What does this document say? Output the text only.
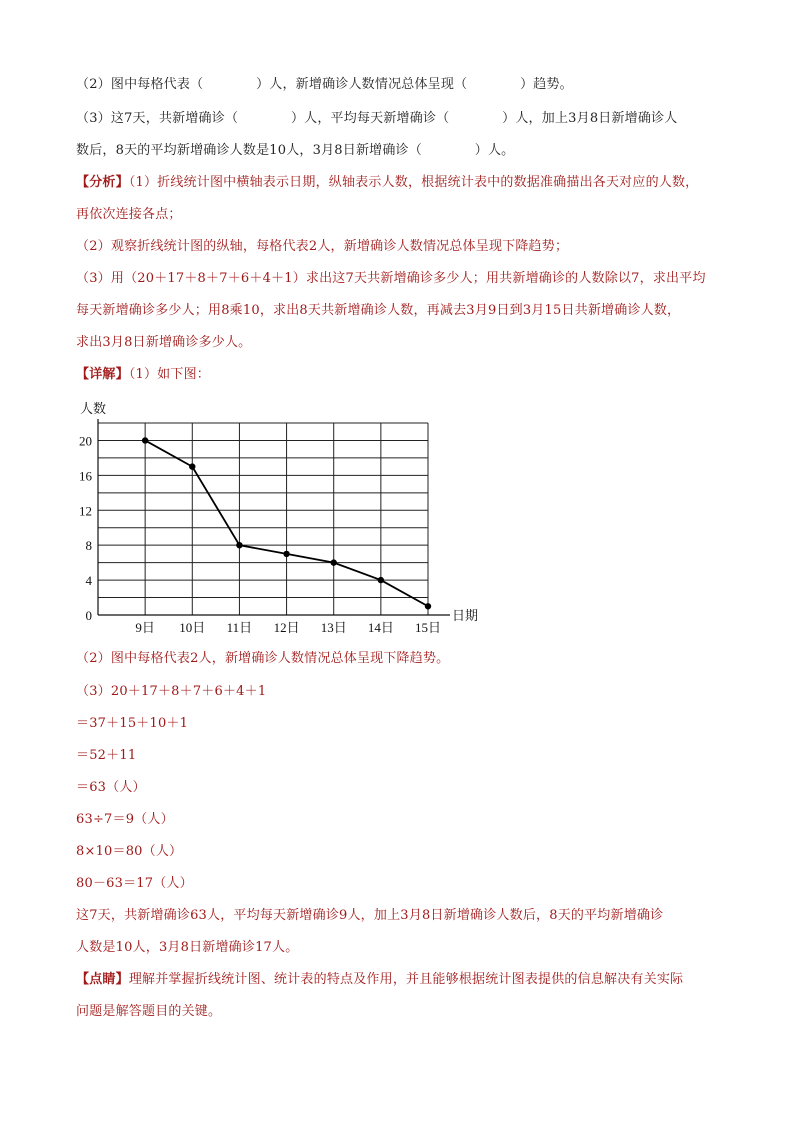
（2）图中每格代表（　　　　）人，新增确诊人数情况总体呈现（　　　　）趋势。
（3）这7天，共新增确诊（　　　　）人，平均每天新增确诊（　　　　）人，加上3月8日新增确诊人
数后，8天的平均新增确诊人数是10人，3月8日新增确诊（　　　　）人。
【分析】（1）折线统计图中横轴表示日期，纵轴表示人数，根据统计表中的数据准确描出各天对应的人数，
再依次连接各点；
（2）观察折线统计图的纵轴，每格代表2人，新增确诊人数情况总体呈现下降趋势；
（3）用（20＋17＋8＋7＋6＋4＋1）求出这7天共新增确诊多少人；用共新增确诊的人数除以7，求出平均
每天新增确诊多少人；用8乘10，求出8天共新增确诊人数，再减去3月9日到3月15日共新增确诊人数，
求出3月8日新增确诊多少人。
【详解】（1）如下图：
0
4
8
12
16
20
人数
日期
9日 10日 11日 12日 13日 14日 15日
（2）图中每格代表2人，新增确诊人数情况总体呈现下降趋势。
（3）20＋17＋8＋7＋6＋4＋1
＝37＋15＋10＋1
＝52＋11
＝63（人）
63÷7＝9（人）
8×10＝80（人）
80－63＝17（人）
这7天，共新增确诊63人，平均每天新增确诊9人，加上3月8日新增确诊人数后，8天的平均新增确诊
人数是10人，3月8日新增确诊17人。
【点睛】理解并掌握折线统计图、统计表的特点及作用，并且能够根据统计图表提供的信息解决有关实际
问题是解答题目的关键。
